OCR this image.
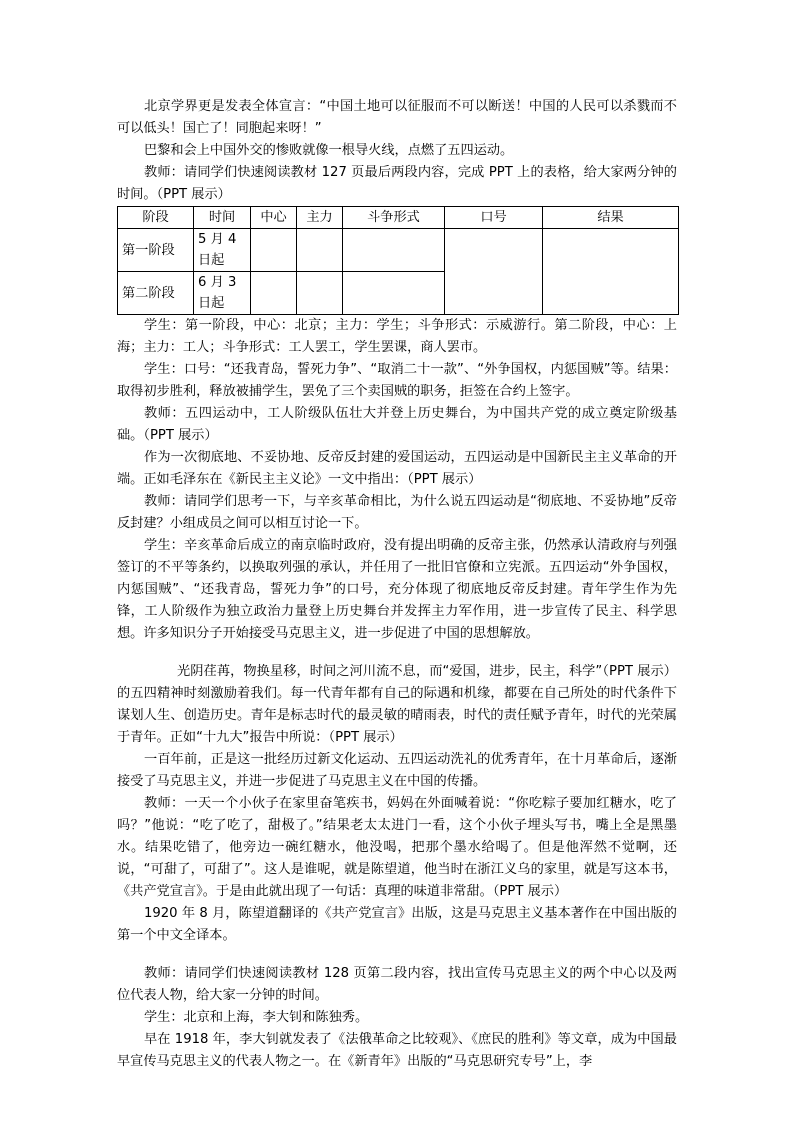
北京学界更是发表全体宣言：“中国土地可以征服而不可以断送！中国的人民可以杀戮而不可以低头！国亡了！同胞起来呀！”

巴黎和会上中国外交的惨败就像一根导火线，点燃了五四运动。

教师：请同学们快速阅读教材 127 页最后两段内容，完成 PPT 上的表格，给大家两分钟的时间。（PPT 展示）

阶段	时间	中心	主力	斗争形式	口号	结果
第一阶段	5 月 4 日起					
第二阶段	6 月 3 日起					

学生：第一阶段，中心：北京；主力：学生；斗争形式：示威游行。第二阶段，中心：上海；主力：工人；斗争形式：工人罢工，学生罢课，商人罢市。

学生：口号：“还我青岛，誓死力争”、“取消二十一款”、“外争国权，内惩国贼”等。结果：取得初步胜利，释放被捕学生，罢免了三个卖国贼的职务，拒签在合约上签字。

教师：五四运动中，工人阶级队伍壮大并登上历史舞台，为中国共产党的成立奠定阶级基础。（PPT 展示）

作为一次彻底地、不妥协地、反帝反封建的爱国运动，五四运动是中国新民主主义革命的开端。正如毛泽东在《新民主主义论》一文中指出：（PPT 展示）

教师：请同学们思考一下，与辛亥革命相比，为什么说五四运动是“彻底地、不妥协地”反帝反封建？小组成员之间可以相互讨论一下。

学生：辛亥革命后成立的南京临时政府，没有提出明确的反帝主张，仍然承认清政府与列强签订的不平等条约，以换取列强的承认，并任用了一批旧官僚和立宪派。五四运动“外争国权，内惩国贼”、“还我青岛，誓死力争”的口号，充分体现了彻底地反帝反封建。青年学生作为先锋，工人阶级作为独立政治力量登上历史舞台并发挥主力军作用，进一步宣传了民主、科学思想。许多知识分子开始接受马克思主义，进一步促进了中国的思想解放。

光阴荏苒，物换星移，时间之河川流不息，而“爱国，进步，民主，科学”（PPT 展示）的五四精神时刻激励着我们。每一代青年都有自己的际遇和机缘，都要在自己所处的时代条件下谋划人生、创造历史。青年是标志时代的最灵敏的晴雨表，时代的责任赋予青年，时代的光荣属于青年。正如“十九大”报告中所说：（PPT 展示）

一百年前，正是这一批经历过新文化运动、五四运动洗礼的优秀青年，在十月革命后，逐渐接受了马克思主义，并进一步促进了马克思主义在中国的传播。

教师：一天一个小伙子在家里奋笔疾书，妈妈在外面喊着说：“你吃粽子要加红糖水，吃了吗？”他说：“吃了吃了，甜极了。”结果老太太进门一看，这个小伙子埋头写书，嘴上全是黑墨水。结果吃错了，他旁边一碗红糖水，他没喝，把那个墨水给喝了。但是他浑然不觉啊，还说，“可甜了，可甜了”。这人是谁呢，就是陈望道，他当时在浙江义乌的家里，就是写这本书，《共产党宣言》。于是由此就出现了一句话：真理的味道非常甜。（PPT 展示）

1920 年 8 月，陈望道翻译的《共产党宣言》出版，这是马克思主义基本著作在中国出版的第一个中文全译本。

教师：请同学们快速阅读教材 128 页第二段内容，找出宣传马克思主义的两个中心以及两位代表人物，给大家一分钟的时间。

学生：北京和上海，李大钊和陈独秀。

早在 1918 年，李大钊就发表了《法俄革命之比较观》、《庶民的胜利》等文章，成为中国最早宣传马克思主义的代表人物之一。在《新青年》出版的“马克思研究专号”上，李
